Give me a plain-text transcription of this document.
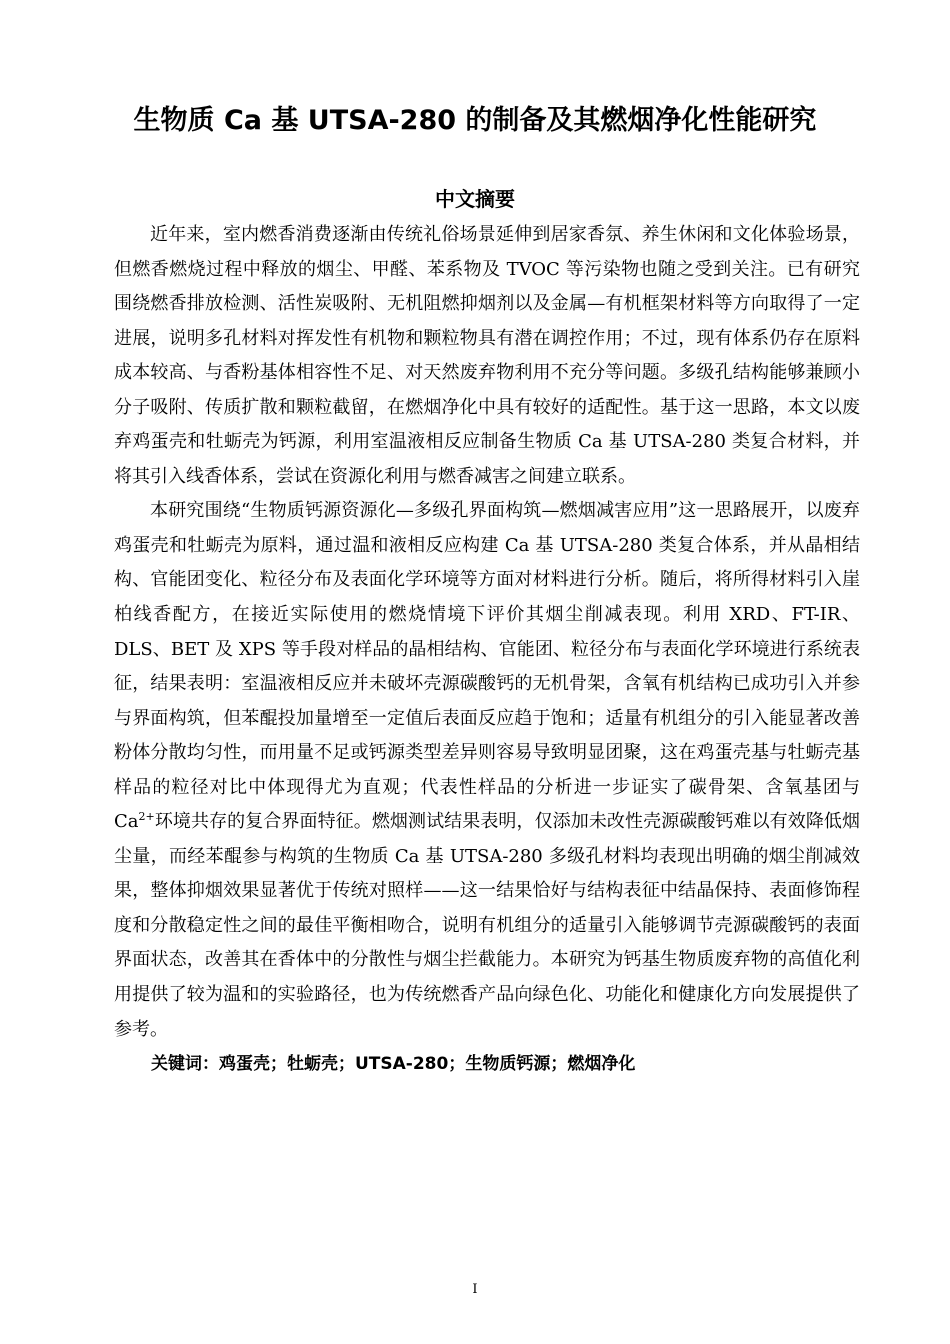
生物质 Ca 基 UTSA-280 的制备及其燃烟净化性能研究
中文摘要

近年来，室内燃香消费逐渐由传统礼俗场景延伸到居家香氛、养生休闲和文化体验场景，但燃香燃烧过程中释放的烟尘、甲醛、苯系物及 TVOC 等污染物也随之受到关注。已有研究围绕燃香排放检测、活性炭吸附、无机阻燃抑烟剂以及金属—有机框架材料等方向取得了一定进展，说明多孔材料对挥发性有机物和颗粒物具有潜在调控作用；不过，现有体系仍存在原料成本较高、与香粉基体相容性不足、对天然废弃物利用不充分等问题。多级孔结构能够兼顾小分子吸附、传质扩散和颗粒截留，在燃烟净化中具有较好的适配性。基于这一思路，本文以废弃鸡蛋壳和牡蛎壳为钙源，利用室温液相反应制备生物质 Ca 基 UTSA-280 类复合材料，并将其引入线香体系，尝试在资源化利用与燃香减害之间建立联系。

本研究围绕“生物质钙源资源化—多级孔界面构筑—燃烟减害应用”这一思路展开，以废弃鸡蛋壳和牡蛎壳为原料，通过温和液相反应构建 Ca 基 UTSA-280 类复合体系，并从晶相结构、官能团变化、粒径分布及表面化学环境等方面对材料进行分析。随后，将所得材料引入崖柏线香配方，在接近实际使用的燃烧情境下评价其烟尘削减表现。利用 XRD、FT-IR、DLS、BET 及 XPS 等手段对样品的晶相结构、官能团、粒径分布与表面化学环境进行系统表征，结果表明：室温液相反应并未破坏壳源碳酸钙的无机骨架，含氧有机结构已成功引入并参与界面构筑，但苯醌投加量增至一定值后表面反应趋于饱和；适量有机组分的引入能显著改善粉体分散均匀性，而用量不足或钙源类型差异则容易导致明显团聚，这在鸡蛋壳基与牡蛎壳基样品的粒径对比中体现得尤为直观；代表性样品的分析进一步证实了碳骨架、含氧基团与 $Ca^{2+}$环境共存的复合界面特征。燃烟测试结果表明，仅添加未改性壳源碳酸钙难以有效降低烟尘量，而经苯醌参与构筑的生物质 Ca 基 UTSA-280 多级孔材料均表现出明确的烟尘削减效果，整体抑烟效果显著优于传统对照样——这一结果恰好与结构表征中结晶保持、表面修饰程度和分散稳定性之间的最佳平衡相吻合，说明有机组分的适量引入能够调节壳源碳酸钙的表面界面状态，改善其在香体中的分散性与烟尘拦截能力。本研究为钙基生物质废弃物的高值化利用提供了较为温和的实验路径，也为传统燃香产品向绿色化、功能化和健康化方向发展提供了参考。

关键词：鸡蛋壳；牡蛎壳；UTSA-280；生物质钙源；燃烟净化
I
